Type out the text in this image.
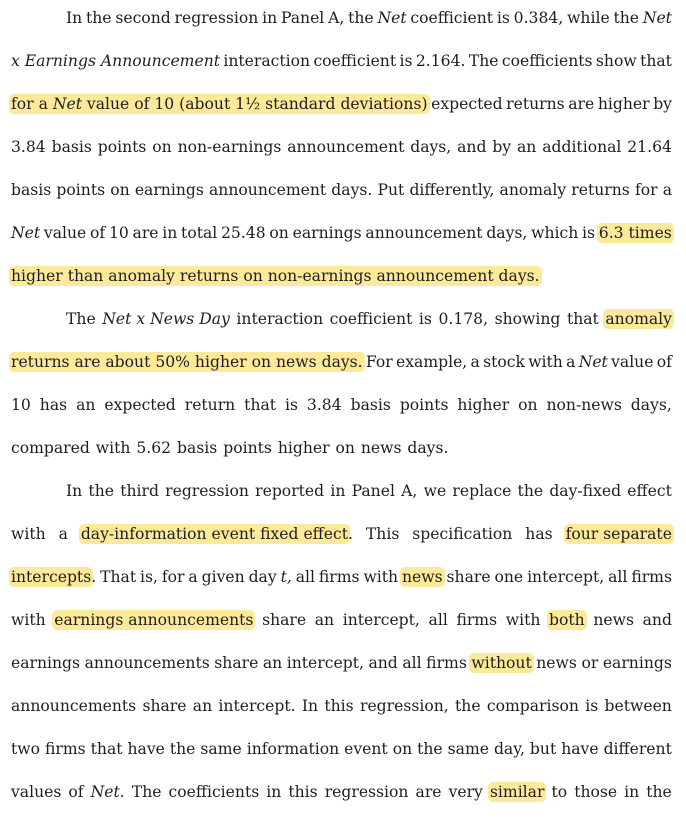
In the second regression in Panel A, the Net coefficient is 0.384, while the Net
x Earnings Announcement interaction coefficient is 2.164. The coefficients show that
for a Net value of 10 (about 1½ standard deviations) expected returns are higher by
3.84 basis points on non-earnings announcement days, and by an additional 21.64
basis points on earnings announcement days. Put differently, anomaly returns for a
Net value of 10 are in total 25.48 on earnings announcement days, which is 6.3 times
higher than anomaly returns on non-earnings announcement days.
The Net x News Day interaction coefficient is 0.178, showing that anomaly
returns are about 50% higher on news days. For example, a stock with a Net value of
10 has an expected return that is 3.84 basis points higher on non-news days,
compared with 5.62 basis points higher on news days.
In the third regression reported in Panel A, we replace the day-fixed effect
with a day-information event fixed effect. This specification has four separate
intercepts. That is, for a given day t, all firms with news share one intercept, all firms
with earnings announcements share an intercept, all firms with both news and
earnings announcements share an intercept, and all firms without news or earnings
announcements share an intercept. In this regression, the comparison is between
two firms that have the same information event on the same day, but have different
values of Net. The coefficients in this regression are very similar to those in the
